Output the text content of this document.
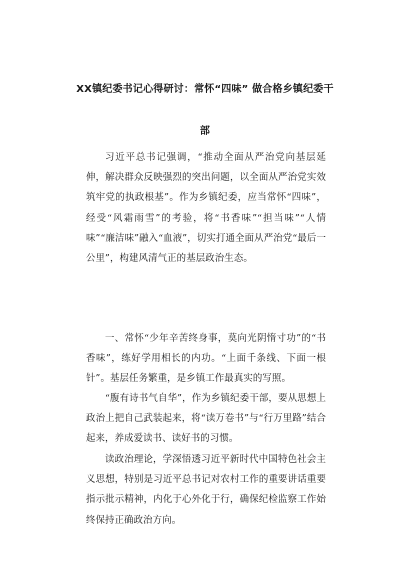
XX镇纪委书记心得研讨：常怀“四味” 做合格乡镇纪委干
部

习近平总书记强调，“推动全面从严治党向基层延伸，解决群众反映强烈的突出问题，以全面从严治党实效筑牢党的执政根基”。作为乡镇纪委，应当常怀“四味”，经受“风霜雨雪”的考验，将“书香味”“担当味”“人情味”“廉洁味”融入“血液”，切实打通全面从严治党“最后一公里”，构建风清气正的基层政治生态。

一、常怀“少年辛苦终身事，莫向光阴惰寸功”的“书香味”，练好学用相长的内功。“上面千条线、下面一根针”。基层任务繁重，是乡镇工作最真实的写照。

“腹有诗书气自华”，作为乡镇纪委干部，要从思想上政治上把自己武装起来，将“读万卷书”与“行万里路”结合起来，养成爱读书、读好书的习惯。

读政治理论，学深悟透习近平新时代中国特色社会主义思想，特别是习近平总书记对农村工作的重要讲话重要指示批示精神，内化于心外化于行，确保纪检监察工作始终保持正确政治方向。
